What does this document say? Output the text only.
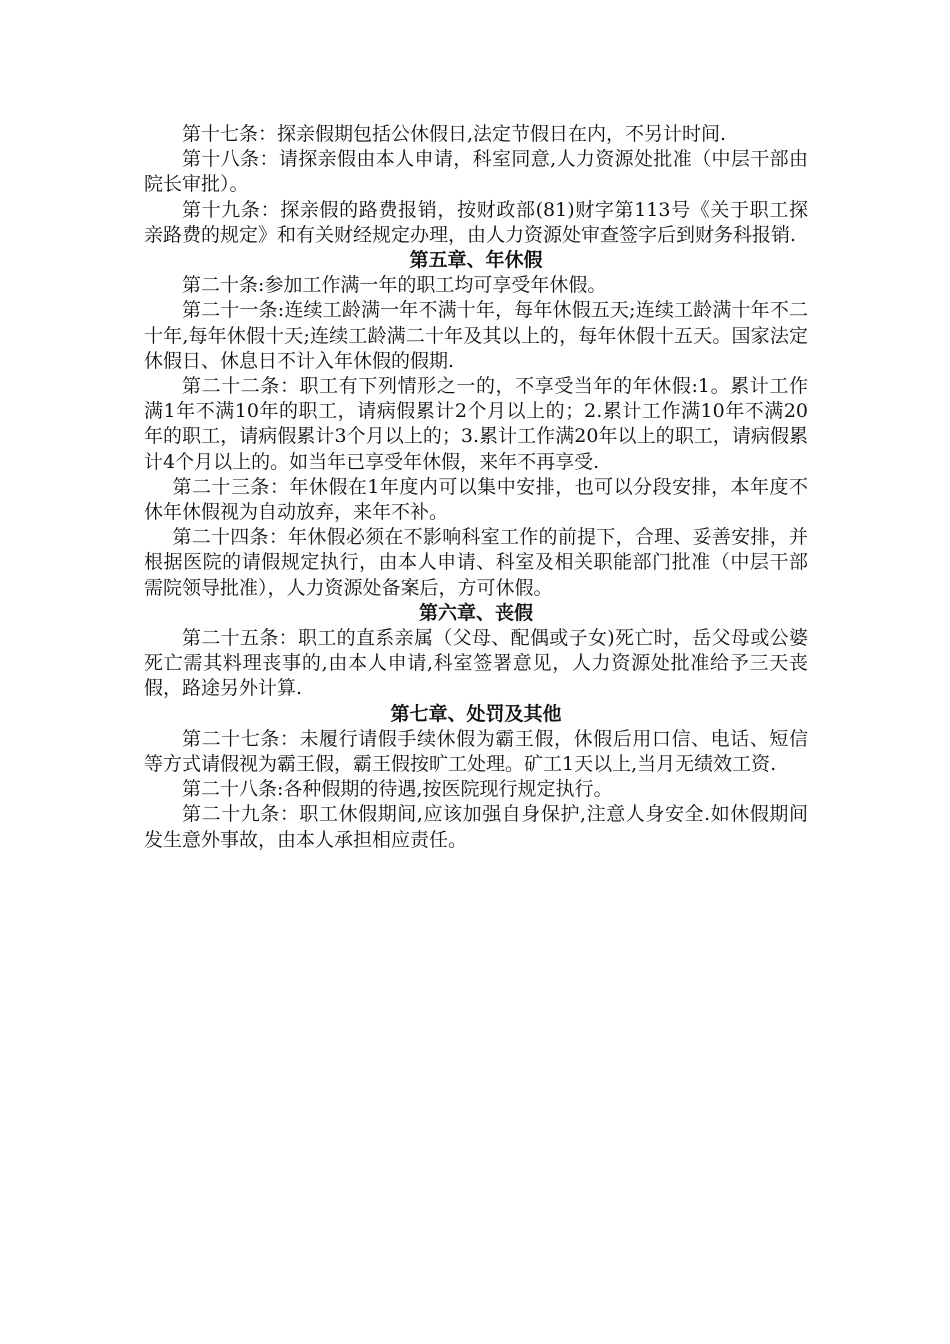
第十七条：探亲假期包括公休假日,法定节假日在内，不另计时间.

第十八条：请探亲假由本人申请，科室同意,人力资源处批准（中层干部由院长审批）。

第十九条：探亲假的路费报销，按财政部(81)财字第113号《关于职工探亲路费的规定》和有关财经规定办理，由人力资源处审查签字后到财务科报销.

第五章、年休假

第二十条:参加工作满一年的职工均可享受年休假。

第二十一条:连续工龄满一年不满十年，每年休假五天;连续工龄满十年不二十年,每年休假十天;连续工龄满二十年及其以上的，每年休假十五天。国家法定休假日、休息日不计入年休假的假期.

第二十二条：职工有下列情形之一的，不享受当年的年休假:1。累计工作满1年不满10年的职工，请病假累计2个月以上的；2.累计工作满10年不满20年的职工，请病假累计3个月以上的；3.累计工作满20年以上的职工，请病假累计4个月以上的。如当年已享受年休假，来年不再享受.

第二十三条：年休假在1年度内可以集中安排，也可以分段安排，本年度不休年休假视为自动放弃，来年不补。

第二十四条：年休假必须在不影响科室工作的前提下，合理、妥善安排，并根据医院的请假规定执行，由本人申请、科室及相关职能部门批准（中层干部需院领导批准），人力资源处备案后，方可休假。

第六章、丧假

第二十五条：职工的直系亲属（父母、配偶或子女)死亡时，岳父母或公婆死亡需其料理丧事的,由本人申请,科室签署意见，人力资源处批准给予三天丧假，路途另外计算.

第七章、处罚及其他

第二十七条：未履行请假手续休假为霸王假，休假后用口信、电话、短信等方式请假视为霸王假，霸王假按旷工处理。矿工1天以上,当月无绩效工资.

第二十八条:各种假期的待遇,按医院现行规定执行。

第二十九条：职工休假期间,应该加强自身保护,注意人身安全.如休假期间发生意外事故，由本人承担相应责任。
